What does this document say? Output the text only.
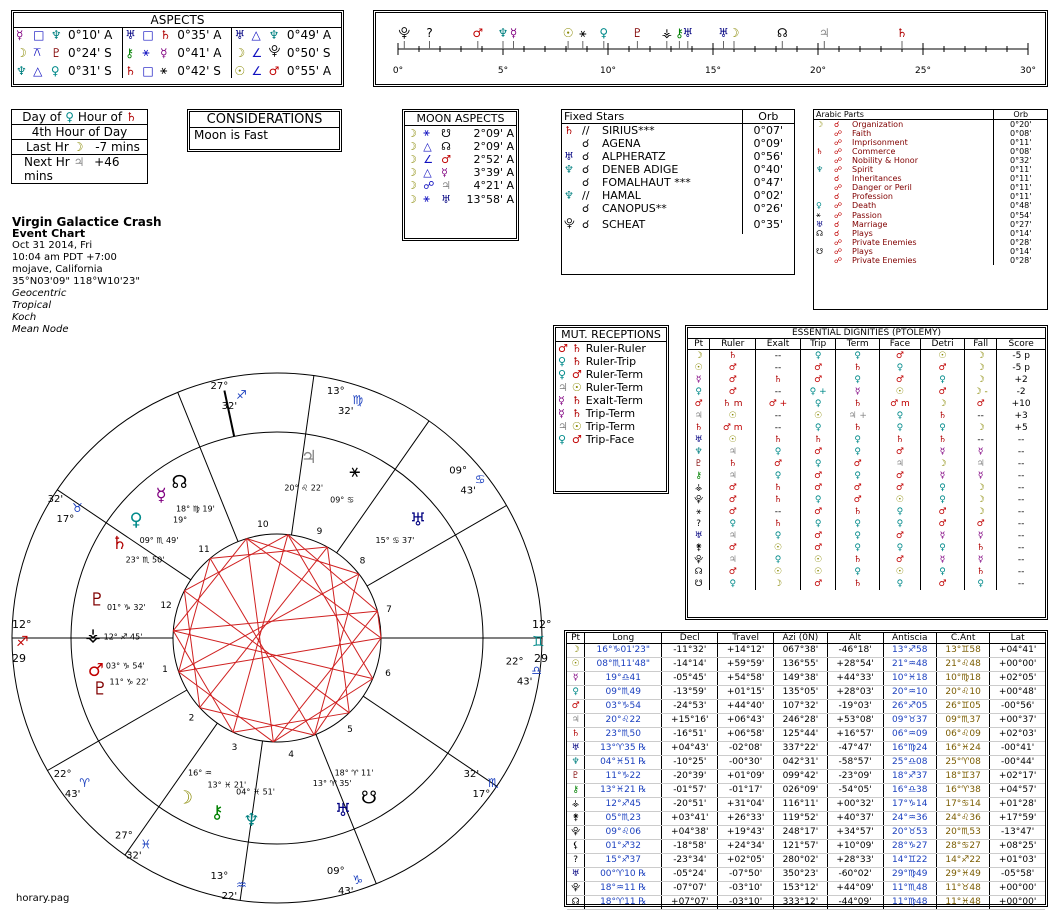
ASPECTS
☿	□	♆	0°10' A	♅	□	♄	0°35' A	♅	△	♆	0°49' A
☽	⚻	♇	0°24' S	⚷	⚹	☿	0°41' A	☽	∠	⯓	0°50' S
♆	△	♀	0°31' S	♄	□	⚹	0°42' S	☉	∠	♂	0°55' A	0°	5°	10°	15°	20°	25°	30°
⯓ ?	♂ ♆ ☿	☉ ⚹ ♀ ♇ ⚶ ⚷
♅ ♅ ☽	☊	♃	♄
Day of ♀ Hour of ♄
4th Hour of Day
Last Hr ☽ -7 mins
Next Hr ♃ +46 mins
CONSIDERATIONS
Moon is Fast
MOON ASPECTS
☽	⚹	☋	2°09' A
☽	△	☊	2°09' A
☽	∠	♂	2°52' A
☽	△	☿	3°39' A
☽	☍	♃	4°21' A
☽	⚹	♅	13°58' A
Fixed Stars			Orb
♄	//	SIRIUS***	0°07'
	☌	AGENA	0°09'
♅	☌	ALPHERATZ	0°56'
♆	☌	DENEB ADIGE	0°40'
	☌	FOMALHAUT ***	0°47'
♆	//	HAMAL	0°02'
	☌	CANOPUS**	0°26'
⯓	☌	SCHEAT	0°35'
Arabic Parts			Orb
☽	☌	Organization	0°20'
	☍	Faith	0°08'
	☍	Imprisonment	0°11'
♄	☍	Commerce	0°08'
	☍	Nobility & Honor	0°32'
♆	☍	Spirit	0°11'
	☌	Inheritances	0°11'
	☍	Danger or Peril	0°11'
	☌	Profession	0°11'
♀	☍	Death	0°48'
⚹	☍	Passion	0°54'
♅	☌	Marriage	0°27'
☊	☌	Plays	0°14'
	☍	Private Enemies	0°28'
☋	☍	Plays	0°14'
	☍	Private Enemies	0°28'
Virgin Galactice Crash
Event Chart
Oct 31 2014, Fri
10:04 am PDT +7:00
mojave, California
35°N03'09" 118°W10'23"
Geocentric
Tropical
Koch
Mean Node	MUT. RECEPTIONS
♂	♄	Ruler-Ruler
♀	♄	Ruler-Trip
♀	♂	Ruler-Term
♃	☉	Ruler-Term
☿	♄	Exalt-Term
☿	♄	Trip-Term
♃	☉	Trip-Term
♀	♂	Trip-Face
ESSENTIAL DIGNITIES (PTOLEMY)
Pt	Ruler	Exalt	Trip	Term	Face	Detri	Fall	Score
☽	♄	--	♀	♀	♂	☉	☽	-5 p
☉	♂	--	♂	♄	♀	♂	☽	-5 p
☿	♂	♄	♂	♀	♂	♀	☽	+2
♀	♂	--	♀ +	☿	☉	♂	☽ -	-2
♂	♄ m	♂ +	♀	♄	♂ m	☽	♂	+10
♃	☉	--	☉	♃ +	♀	♄	--	+3
♄	♂ m	--	♀	♄	♀	♀	☽	+5
♅	☉	♄	♄	♀	♄	♄	--	--
♆	♃	♀	♂	♀	♂	☿	☿	--
♇	♄	♂	♀	♂	♃	☽	♃	--
⚷	♃	♀	♂	♀	♂	☿	☿	--
⚶	♂	♄	♂	♂	♂	♀	☽	--
⯓	♂	♄	♀	♂	☉	♀	☽	--
⚹	♂	--	♂	♄	♀	♂	☽	--
?	♀	♄	♀	♀	♀	♂	♂	--
♅	♃	♀	♂	♀	♂	☿	☿	--
⚵	♂	☉	♂	♀	♀	♀	♄	--
⯓	♃	♀	☉	♄	♂	☿	☿	--
☊	♂	☉	☉	♀	☉	♀	♄	--
☋	♀	☽	♂	♄	♀	♂	♀	--
Pt	Long	Decl	Travel	Azi (0N)	Alt	Antiscia	C.Ant	Lat
☽	16°♑01'23"	-11°32'	+14°12'	067°38'	-46°18'	13°♐58	13°♊58	+04°41'
☉	08°♏11'48"	-14°14'	+59°59'	136°55'	+28°54'	21°♒48	21°♌48	+00°00'
☿	19°♎41	-05°45'	+54°58'	149°38'	+44°33'	10°♓18	10°♍18	+02°05'
♀	09°♏49	-13°59'	+01°15'	135°05'	+28°03'	20°♒10	20°♌10	+00°48'
♂	03°♑54	-24°53'	+44°40'	107°32'	-19°03'	26°♐05	26°♊05	-00°56'
♃	20°♌22	+15°16'	+06°43'	246°28'	+53°08'	09°♉37	09°♏37	+00°37'
♄	23°♏50	-16°51'	+06°58'	125°44'	+16°57'	06°♒09	06°♌09	+02°03'
♅	13°♈35 ℞	+04°43'	-02°08'	337°22'	-47°47'	16°♍24	16°♓24	-00°41'
♆	04°♓51 ℞	-10°25'	-00°30'	042°31'	-58°57'	25°♎08	25°♈08	-00°44'
♇	11°♑22	-20°39'	+01°09'	099°42'	-23°09'	18°♐37	18°♊37	+02°17'
⚷	13°♓21 ℞	-01°57'	-01°17'	026°09'	-54°05'	16°♎38	16°♈38	+04°57'
⚶	12°♐45	-20°51'	+31°04'	116°11'	+00°32'	17°♑14	17°♋14	+01°28'
⚵	05°♏23	+03°41'	+26°33'	119°52'	+40°37'	24°♒36	24°♌36	+17°59'
⯓	09°♌06	+04°38'	+19°43'	248°17'	+34°57'	20°♉53	20°♏53	-13°47'
⚸	01°♐32	-18°58'	+24°34'	121°57'	+10°09'	28°♑27	28°♋27	+08°25'
?	15°♐37	-23°34'	+02°05'	280°02'	+28°33'	14°♊22	14°♐22	+01°03'
♅	00°♈10 ℞	-05°24'	-07°50'	350°23'	-60°02'	29°♍49	29°♓49	-05°58'
⯓	18°♒11 ℞	-07°07'	-03°10'	153°12'	+44°09'	11°♏48	11°♉48	+00°00'
☊	18°♈11 ℞	+07°07'	-03°10'	333°12'	-44°09'	11°♍48	11°♓48	+00°00'
1
2
3
4
5
6
7
8
9
10
11
12
12°
29
♐
12°
29
♊
27°
♐
32'
13°
♍
32'
09°
♋
43'
22°
♎
43'
32'
♏
17°
09°
♑
43'
13°
♒
22'
27°
♓
32'
22°
♈
43'
32'
♉
17°
☊
18° ♍ 19'
☿
19°
♀
09° ♏ 49'
♄
23° ♏ 50'
♇ 01° ♑ 32'
⚶ 12° ♐ 45'
♂ 03° ♑ 54'
♇ 11° ♑ 22'
☽
16° ♒
♆
04° ♓ 51'
⚷
13° ♓ 21'
♅
13° ♈ 35'
☋
18° ♈ 11'
⚹
09° ♋
♃
20° ♌ 22'
♅
15° ♋ 37'
horary.pag
